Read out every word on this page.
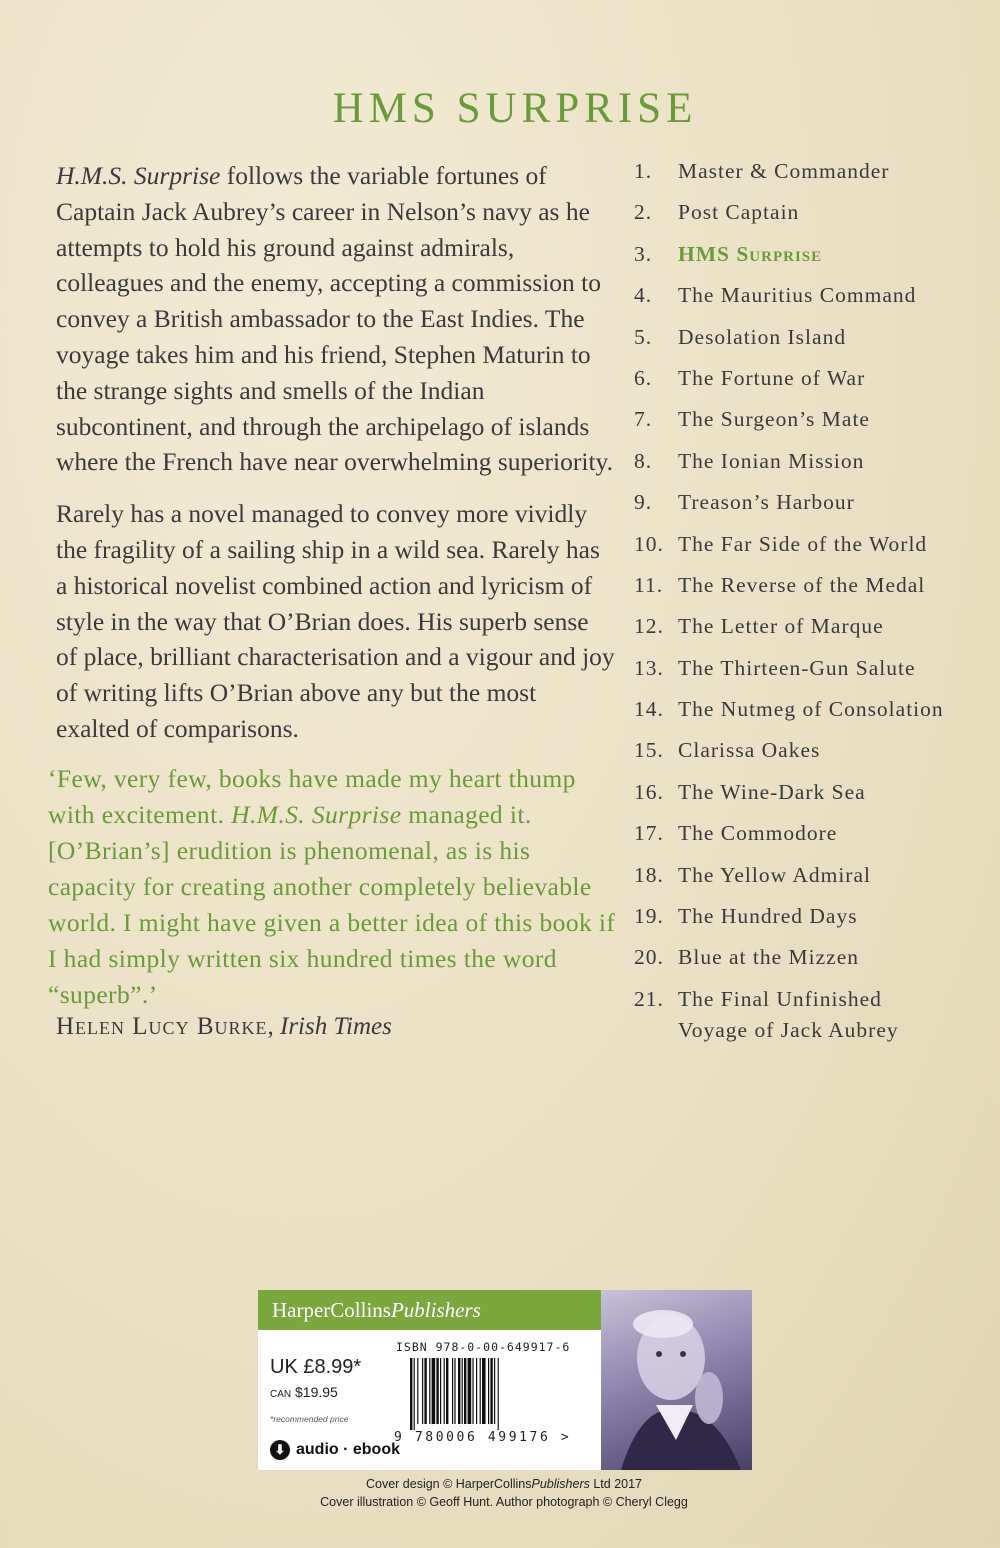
HMS SURPRISE

H.M.S. Surprise follows the variable fortunes of Captain Jack Aubrey’s career in Nelson’s navy as he attempts to hold his ground against admirals, colleagues and the enemy, accepting a commission to convey a British ambassador to the East Indies. The voyage takes him and his friend, Stephen Maturin to the strange sights and smells of the Indian subcontinent, and through the archipelago of islands where the French have near overwhelming superiority.

Rarely has a novel managed to convey more vividly the fragility of a sailing ship in a wild sea. Rarely has a historical novelist combined action and lyricism of style in the way that O’Brian does. His superb sense of place, brilliant characterisation and a vigour and joy of writing lifts O’Brian above any but the most exalted of comparisons.

‘Few, very few, books have made my heart thump with excitement. H.M.S. Surprise managed it. [O’Brian’s] erudition is phenomenal, as is his capacity for creating another completely believable world. I might have given a better idea of this book if I had simply written six hundred times the word “superb”.’

Helen Lucy Burke, Irish Times

1.	Master & Commander
2.	Post Captain
3.	HMS Surprise
4.	The Mauritius Command
5.	Desolation Island
6.	The Fortune of War
7.	The Surgeon’s Mate
8.	The Ionian Mission
9.	Treason’s Harbour
10. The Far Side of the World
11. The Reverse of the Medal
12. The Letter of Marque
13. The Thirteen-Gun Salute
14. The Nutmeg of Consolation
15. Clarissa Oakes
16. The Wine-Dark Sea
17. The Commodore
18. The Yellow Admiral
19. The Hundred Days
20. Blue at the Mizzen
21. The Final Unfinished
Voyage of Jack Aubrey
HarperCollins Publishers
ISBN 978-0-00-649917-6
UK £8.99*
CAN $19.95
*recommended price
⬇ audio · ebook
9 780006 499176 >
Cover design © HarperCollinsPublishers Ltd 2017
Cover illustration © Geoff Hunt. Author photograph © Cheryl Clegg
